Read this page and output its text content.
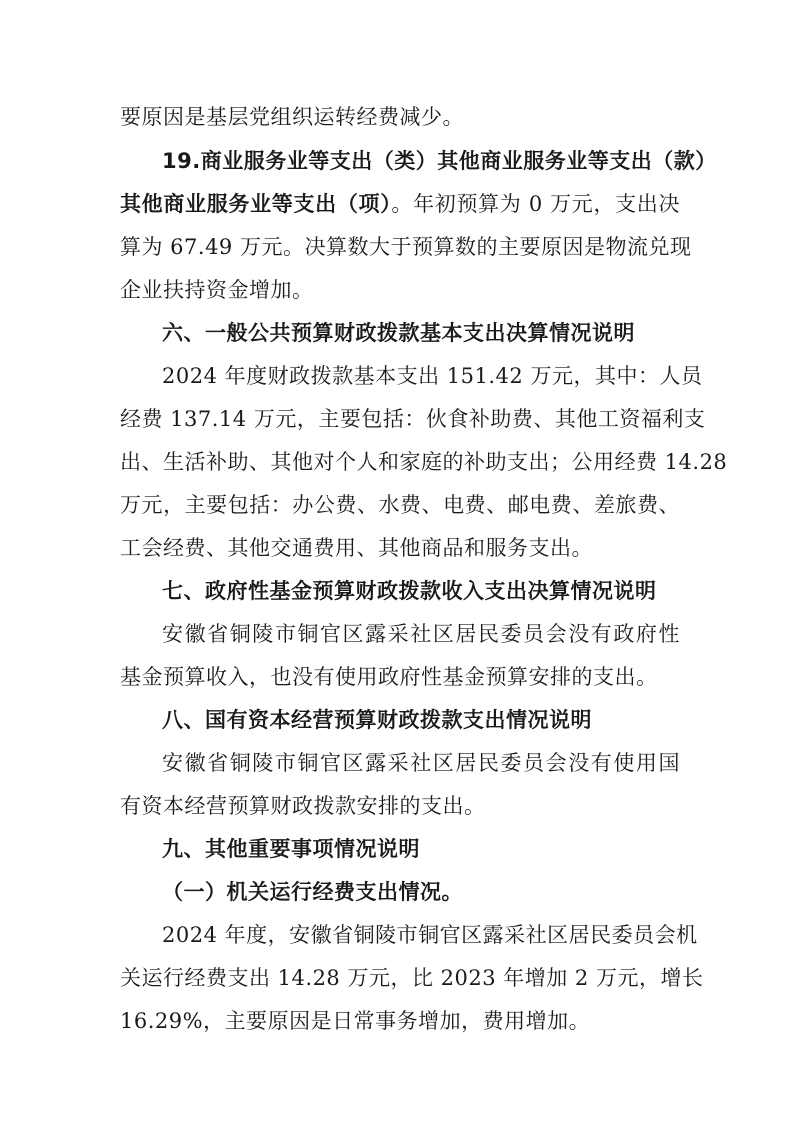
要原因是基层党组织运转经费减少。
19.商业服务业等支出（类）其他商业服务业等支出（款）
其他商业服务业等支出（项）。年初预算为 0 万元，支出决
算为 67.49 万元。决算数大于预算数的主要原因是物流兑现
企业扶持资金增加。
六、一般公共预算财政拨款基本支出决算情况说明
2024 年度财政拨款基本支出 151.42 万元，其中：人员
经费 137.14 万元，主要包括：伙食补助费、其他工资福利支
出、生活补助、其他对个人和家庭的补助支出；公用经费 14.28
万元，主要包括：办公费、水费、电费、邮电费、差旅费、
工会经费、其他交通费用、其他商品和服务支出。
七、政府性基金预算财政拨款收入支出决算情况说明
安徽省铜陵市铜官区露采社区居民委员会没有政府性
基金预算收入，也没有使用政府性基金预算安排的支出。
八、国有资本经营预算财政拨款支出情况说明
安徽省铜陵市铜官区露采社区居民委员会没有使用国
有资本经营预算财政拨款安排的支出。
九、其他重要事项情况说明
（一）机关运行经费支出情况。
2024 年度，安徽省铜陵市铜官区露采社区居民委员会机
关运行经费支出 14.28 万元，比 2023 年增加 2 万元，增长
16.29%，主要原因是日常事务增加，费用增加。
